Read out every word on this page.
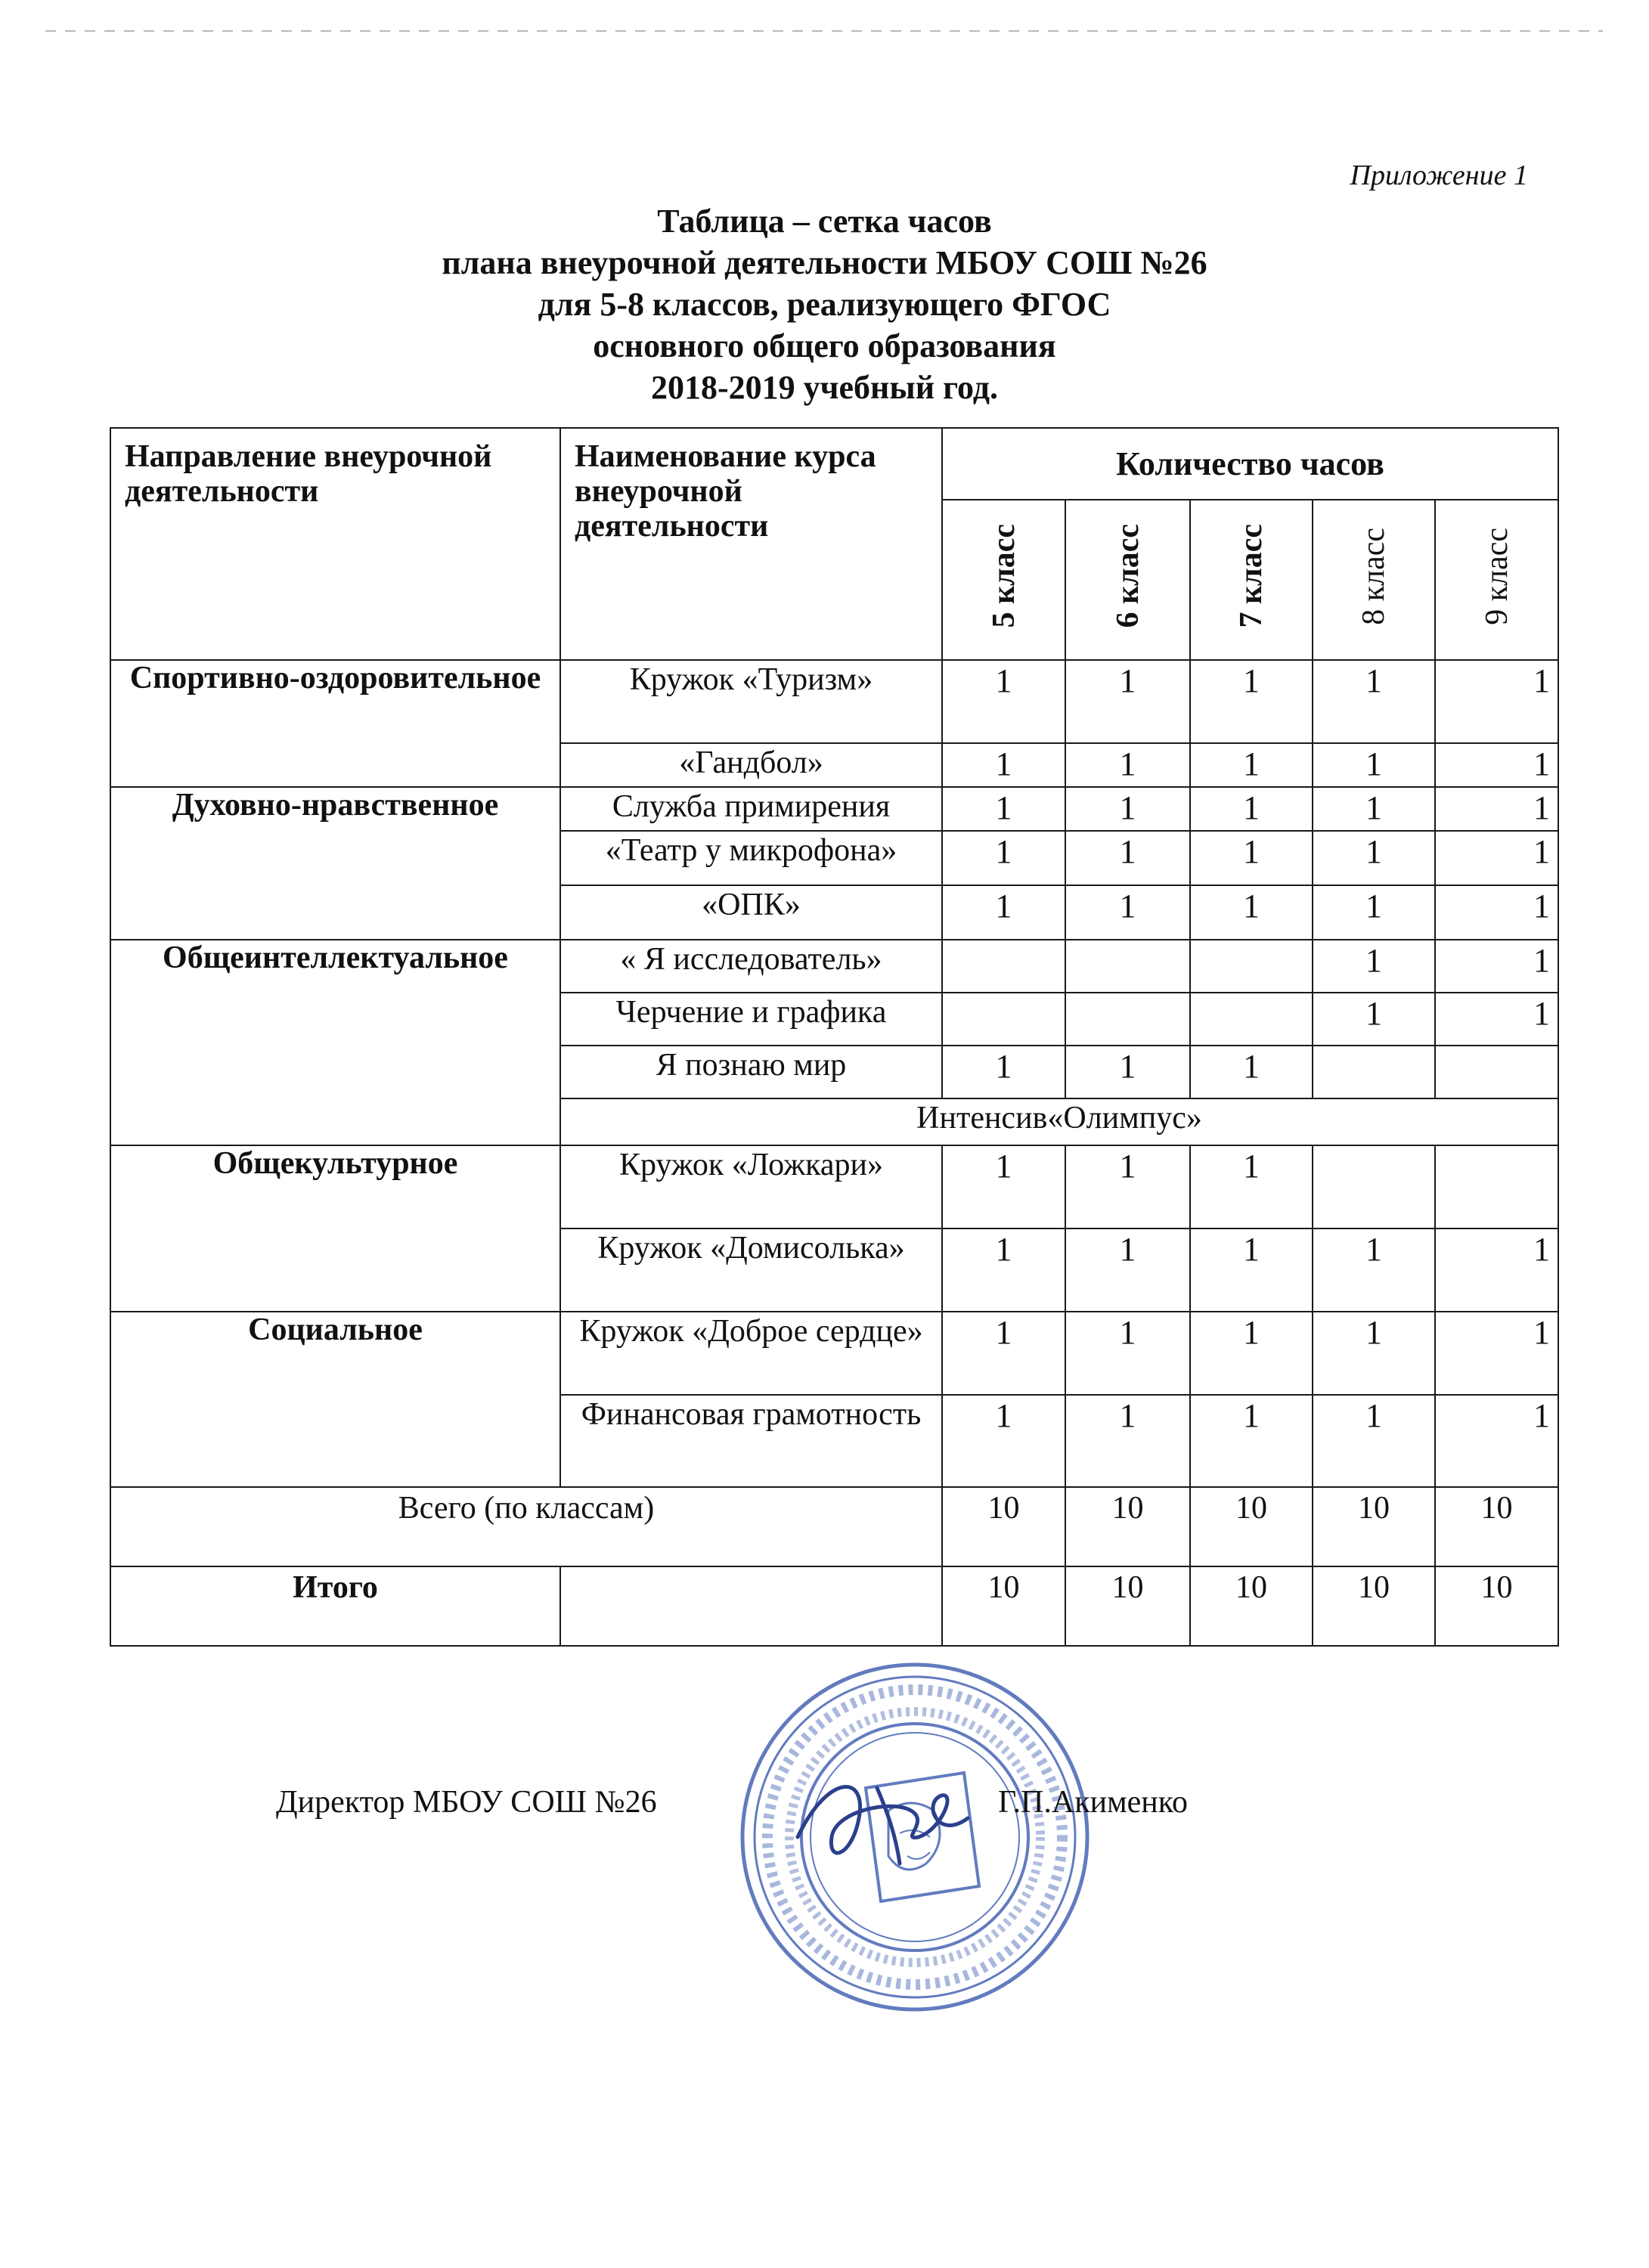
Приложение 1
Таблица – сетка часов
плана внеурочной деятельности МБОУ СОШ №26
для 5-8 классов, реализующего ФГОС
основного общего образования
2018-2019 учебный год.
Направление внеурочной деятельности	Наименование курса внеурочной деятельности	Количество часов				
		5 класс	6 класс	7 класс	8 класс	9 класс
Спортивно-оздоровительное	Кружок «Туризм»	1	1	1	1	1
	«Гандбол»	1	1	1	1	1
Духовно-нравственное	Служба примирения	1	1	1	1	1
	«Театр у микрофона»	1	1	1	1	1
	«ОПК»	1	1	1	1	1
Общеинтеллектуальное	« Я исследователь»				1	1
	Черчение и графика				1	1
	Я познаю мир	1	1	1		
	Интенсив«Олимпус»					
Общекультурное	Кружок «Ложкари»	1	1	1		
	Кружок «Домисолька»	1	1	1	1	1
Социальное	Кружок «Доброе сердце»	1	1	1	1	1
	Финансовая грамотность	1	1	1	1	1
Всего (по классам)		10	10	10	10	10
Итого		10	10	10	10	10
Директор МБОУ СОШ №26	Г.П.Акименко
